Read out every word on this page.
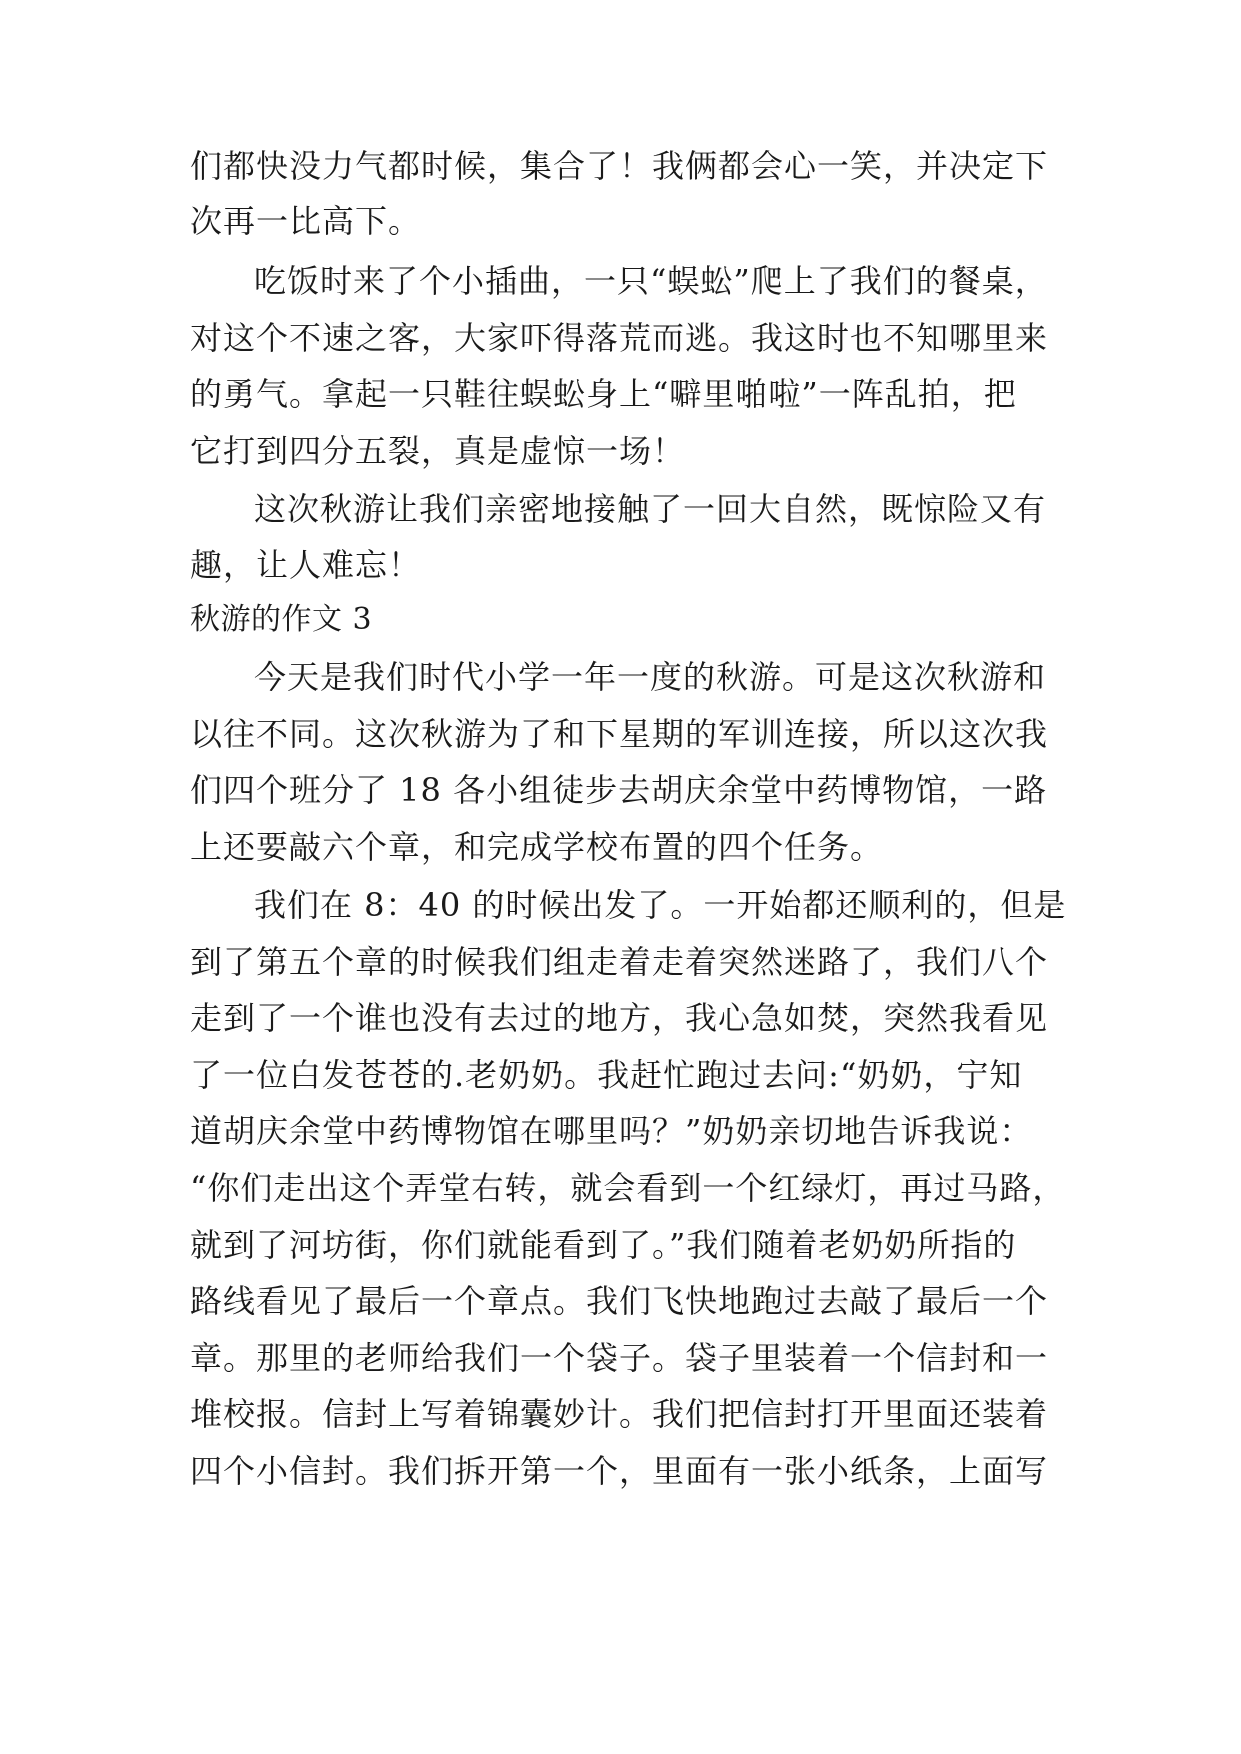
们都快没力气都时候，集合了！我俩都会心一笑，并决定下
次再一比高下。
吃饭时来了个小插曲，一只“蜈蚣”爬上了我们的餐桌，
对这个不速之客，大家吓得落荒而逃。我这时也不知哪里来
的勇气。拿起一只鞋往蜈蚣身上“噼里啪啦”一阵乱拍，把
它打到四分五裂，真是虚惊一场！
这次秋游让我们亲密地接触了一回大自然，既惊险又有
趣，让人难忘！
秋游的作文 3
今天是我们时代小学一年一度的秋游。可是这次秋游和
以往不同。这次秋游为了和下星期的军训连接，所以这次我
们四个班分了 18 各小组徒步去胡庆余堂中药博物馆，一路
上还要敲六个章，和完成学校布置的四个任务。
我们在 8：40 的时候出发了。一开始都还顺利的，但是
到了第五个章的时候我们组走着走着突然迷路了，我们八个
走到了一个谁也没有去过的地方，我心急如焚，突然我看见
了一位白发苍苍的.老奶奶。我赶忙跑过去问:“奶奶，宁知
道胡庆余堂中药博物馆在哪里吗？”奶奶亲切地告诉我说：
“你们走出这个弄堂右转，就会看到一个红绿灯，再过马路，
就到了河坊街，你们就能看到了。”我们随着老奶奶所指的
路线看见了最后一个章点。我们飞快地跑过去敲了最后一个
章。那里的老师给我们一个袋子。袋子里装着一个信封和一
堆校报。信封上写着锦囊妙计。我们把信封打开里面还装着
四个小信封。我们拆开第一个，里面有一张小纸条，上面写
